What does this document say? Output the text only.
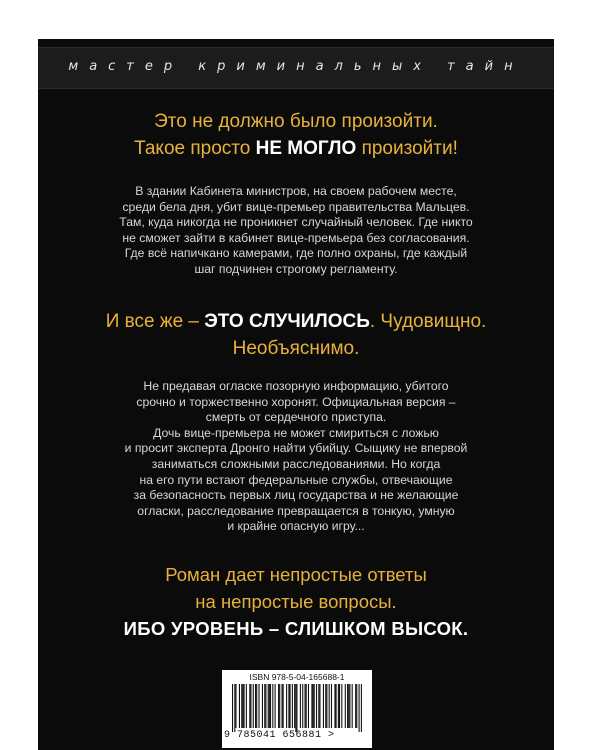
мастер криминальных тайн
Это не должно было произойти.
Такое просто НЕ МОГЛО произойти!

В здании Кабинета министров, на своем рабочем месте,

среди бела дня, убит вице-премьер правительства Мальцев.

Там, куда никогда не проникнет случайный человек. Где никто

не сможет зайти в кабинет вице-премьера без согласования.

Где всё напичкано камерами, где полно охраны, где каждый

шаг подчинен строгому регламенту.

И все же – ЭТО СЛУЧИЛОСЬ. Чудовищно.
Необъяснимо.

Не предавая огласке позорную информацию, убитого

срочно и торжественно хоронят. Официальная версия –

смерть от сердечного приступа.

Дочь вице-премьера не может смириться с ложью

и просит эксперта Дронго найти убийцу. Сыщику не впервой

заниматься сложными расследованиями. Но когда

на его пути встают федеральные службы, отвечающие

за безопасность первых лиц государства и не желающие

огласки, расследование превращается в тонкую, умную

и крайне опасную игру...

Роман дает непростые ответы
на непростые вопросы.
ИБО УРОВЕНЬ – СЛИШКОМ ВЫСОК.
ISBN 978-5-04-165688-1
9 785041 656881 >
